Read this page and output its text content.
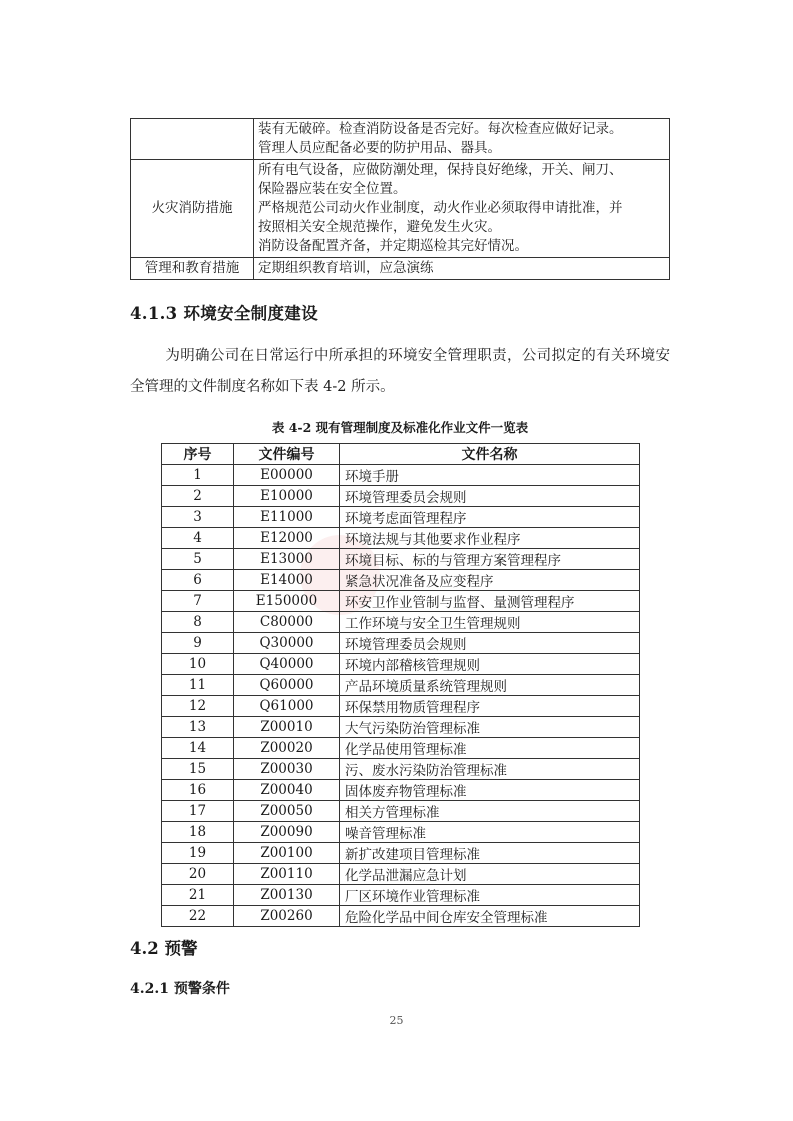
	装有无破碎。检查消防设备是否完好。每次检查应做好记录。
管理人员应配备必要的防护用品、器具。

火灾消防措施	所有电气设备，应做防潮处理，保持良好绝缘，开关、闸刀、
保险器应装在安全位置。
严格规范公司动火作业制度，动火作业必须取得申请批准，并
按照相关安全规范操作，避免发生火灾。
消防设备配置齐备，并定期巡检其完好情况。

管理和教育措施	定期组织教育培训，应急演练
4.1.3 环境安全制度建设

为明确公司在日常运行中所承担的环境安全管理职责，公司拟定的有关环境安全管理的文件制度名称如下表 4-2 所示。

表 4-2 现有管理制度及标准化作业文件一览表

序号	文件编号	文件名称
1	E00000	环境手册
2	E10000	环境管理委员会规则
3	E11000	环境考虑面管理程序
4	E12000	环境法规与其他要求作业程序
5	E13000	环境目标、标的与管理方案管理程序
6	E14000	紧急状况准备及应变程序
7	E150000	环安卫作业管制与监督、量测管理程序
8	C80000	工作环境与安全卫生管理规则
9	Q30000	环境管理委员会规则
10	Q40000	环境内部稽核管理规则
11	Q60000	产品环境质量系统管理规则
12	Q61000	环保禁用物质管理程序
13	Z00010	大气污染防治管理标准
14	Z00020	化学品使用管理标准
15	Z00030	污、废水污染防治管理标准
16	Z00040	固体废弃物管理标准
17	Z00050	相关方管理标准
18	Z00090	噪音管理标准
19	Z00100	新扩改建项目管理标准
20	Z00110	化学品泄漏应急计划
21	Z00130	厂区环境作业管理标准
22	Z00260	危险化学品中间仓库安全管理标准
4.2 预警
4.2.1 预警条件
25
